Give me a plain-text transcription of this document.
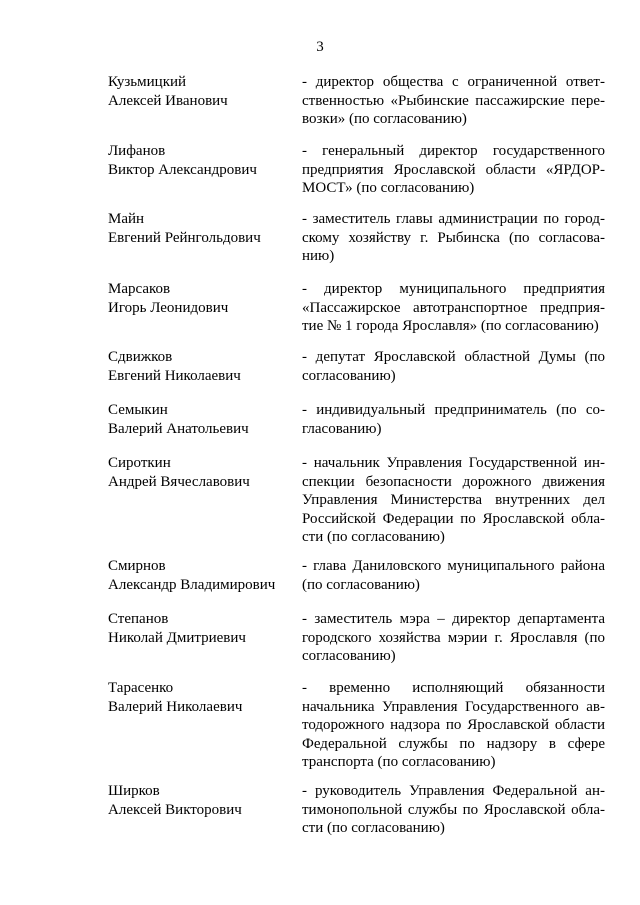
3
Кузьмицкий
Алексей Иванович
- директор общества с ограниченной ответ-ственностью «Рыбинские пассажирские пере-возки» (по согласованию)
Лифанов
Виктор Александрович
- генеральный директор государственного предприятия Ярославской области «ЯРДОР-МОСТ» (по согласованию)
Майн
Евгений Рейнгольдович
- заместитель главы администрации по город-скому хозяйству г. Рыбинска (по согласова-нию)
Марсаков
Игорь Леонидович
- директор муниципального предприятия «Пассажирское автотранспортное предприя-тие № 1 города Ярославля» (по согласованию)
Сдвижков
Евгений Николаевич
- депутат Ярославской областной Думы (по согласованию)
Семыкин
Валерий Анатольевич
- индивидуальный предприниматель (по со-гласованию)
Сироткин
Андрей Вячеславович
- начальник Управления Государственной ин-спекции безопасности дорожного движения Управления Министерства внутренних дел Российской Федерации по Ярославской обла-сти (по согласованию)
Смирнов
Александр Владимирович
- глава Даниловского муниципального района (по согласованию)
Степанов
Николай Дмитриевич
- заместитель мэра – директор департамента городского хозяйства мэрии г. Ярославля (по согласованию)
Тарасенко
Валерий Николаевич
- временно исполняющий обязанности начальника Управления Государственного ав-тодорожного надзора по Ярославской области Федеральной службы по надзору в сфере транспорта (по согласованию)
Ширков
Алексей Викторович
- руководитель Управления Федеральной ан-тимонопольной службы по Ярославской обла-сти (по согласованию)
